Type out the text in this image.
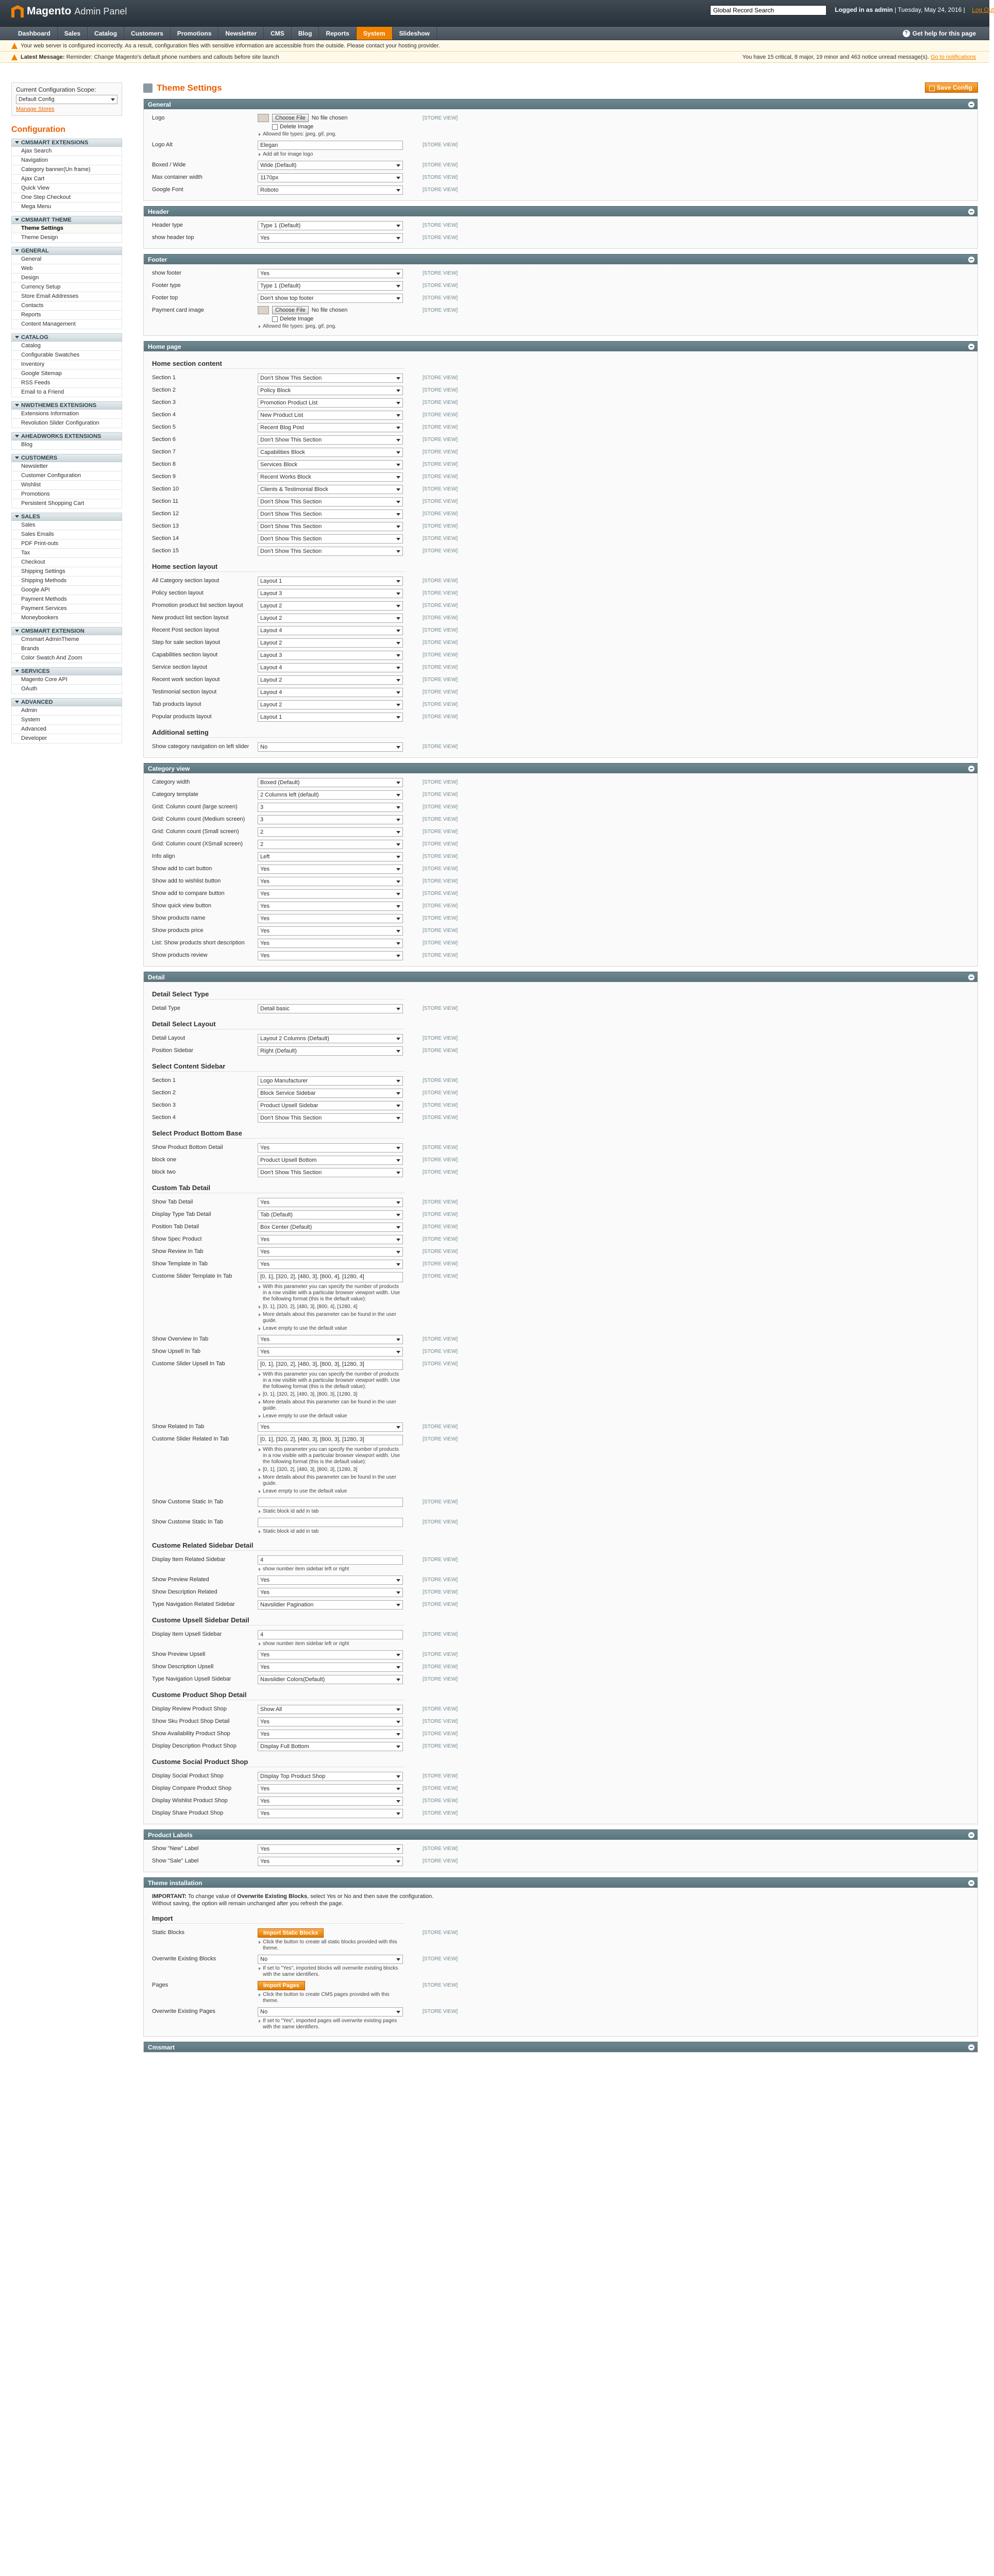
Magento Admin Panel
Global Record Search	Logged in as admin | Tuesday, May 24, 2016 | Log Out
Dashboard	Sales	Catalog	Customers	Promotions	Newsletter	CMS	Blog	Reports	System	Slideshow	? Get help for this page
Your web server is configured incorrectly. As a result, configuration files with sensitive information are accessible from the outside. Please contact your hosting provider.
Latest Message: Reminder: Change Magento's default phone numbers and callouts before site launch	You have 15 critical, 8 major, 19 minor and 463 notice unread message(s). Go to notifications
Current Configuration Scope:
Default Config
Manage Stores
Configuration
CMSMART EXTENSIONS
Ajax Search
Navigation
Category banner(Un frame)
Ajax Cart
Quick View
One Step Checkout
Mega Menu
CMSMART THEME
Theme Settings
Theme Design
GENERAL
General
Web
Design
Currency Setup
Store Email Addresses
Contacts
Reports
Content Management
CATALOG
Catalog
Configurable Swatches
Inventory
Google Sitemap
RSS Feeds
Email to a Friend
NWDTHEMES EXTENSIONS
Extensions Information
Revolution Slider Configuration
AHEADWORKS EXTENSIONS
Blog
CUSTOMERS
Newsletter
Customer Configuration
Wishlist
Promotions
Persistent Shopping Cart
SALES
Sales
Sales Emails
PDF Print-outs
Tax
Checkout
Shipping Settings
Shipping Methods
Google API
Payment Methods
Payment Services
Moneybookers
CMSMART EXTENSION
Cmsmart AdminTheme
Brands
Color Swatch And Zoom
SERVICES
Magento Core API
OAuth
ADVANCED
Admin
System
Advanced
Developer
Theme Settings	Save Config
General
Logo	Choose File	No file chosen
Delete Image
Allowed file types: jpeg, gif, png.
[STORE VIEW]
Logo Alt	Elegan
Add alt for image logo
[STORE VIEW]
Boxed / Wide	Wide (Default)	[STORE VIEW]
Max container width	1170px	[STORE VIEW]
Google Font	Roboto	[STORE VIEW]
Header
Header type	Type 1 (Default)	[STORE VIEW]
show header top	Yes	[STORE VIEW]
Footer
show footer	Yes	[STORE VIEW]
Footer type	Type 1 (Default)	[STORE VIEW]
Footer top	Don't show top footer	[STORE VIEW]
Payment card image	Choose File	No file chosen
Delete Image
Allowed file types: jpeg, gif, png.
[STORE VIEW]
Home page
Home section content
Section 1	Don't Show This Section	[STORE VIEW]
Section 2	Policy Block	[STORE VIEW]
Section 3	Promotion Product List	[STORE VIEW]
Section 4	New Product List	[STORE VIEW]
Section 5	Recent Blog Post	[STORE VIEW]
Section 6	Don't Show This Section	[STORE VIEW]
Section 7	Capabilities Block	[STORE VIEW]
Section 8	Services Block	[STORE VIEW]
Section 9	Recent Works Block	[STORE VIEW]
Section 10	Clients & Testimonial Block	[STORE VIEW]
Section 11	Don't Show This Section	[STORE VIEW]
Section 12	Don't Show This Section	[STORE VIEW]
Section 13	Don't Show This Section	[STORE VIEW]
Section 14	Don't Show This Section	[STORE VIEW]
Section 15	Don't Show This Section	[STORE VIEW]
Home section layout
All Category section layout	Layout 1	[STORE VIEW]
Policy section layout	Layout 3	[STORE VIEW]
Promotion product list section layout	Layout 2	[STORE VIEW]
New product list section layout	Layout 2	[STORE VIEW]
Recent Post section layout	Layout 4	[STORE VIEW]
Step for sale section layout	Layout 2	[STORE VIEW]
Capabilities section layout	Layout 3	[STORE VIEW]
Service section layout	Layout 4	[STORE VIEW]
Recent work section layout	Layout 2	[STORE VIEW]
Testimonial section layout	Layout 4	[STORE VIEW]
Tab products layout	Layout 2	[STORE VIEW]
Popular products layout	Layout 1	[STORE VIEW]
Additional setting
Show category navigation on left slider	No	[STORE VIEW]
Category view
Category width	Boxed (Default)	[STORE VIEW]
Category template	2 Columns left (default)	[STORE VIEW]
Grid: Column count (large screen)	3	[STORE VIEW]
Grid: Column count (Medium screen)	3	[STORE VIEW]
Grid: Column count (Small screen)	2	[STORE VIEW]
Grid: Column count (XSmall screen)	2	[STORE VIEW]
Info align	Left	[STORE VIEW]
Show add to cart button	Yes	[STORE VIEW]
Show add to wishlist button	Yes	[STORE VIEW]
Show add to compare button	Yes	[STORE VIEW]
Show quick view button	Yes	[STORE VIEW]
Show products name	Yes	[STORE VIEW]
Show products price	Yes	[STORE VIEW]
List: Show products short description	Yes	[STORE VIEW]
Show products review	Yes	[STORE VIEW]
Detail
Detail Select Type
Detail Type	Detail basic	[STORE VIEW]
Detail Select Layout
Detail Layout	Layout 2 Columns (Default)	[STORE VIEW]
Position Sidebar	Right (Default)	[STORE VIEW]
Select Content Sidebar
Section 1	Logo Manufacturer	[STORE VIEW]
Section 2	Block Service Sidebar	[STORE VIEW]
Section 3	Product Upsell Sidebar	[STORE VIEW]
Section 4	Don't Show This Section	[STORE VIEW]
Select Product Bottom Base
Show Product Bottom Detail	Yes	[STORE VIEW]
block one	Product Upsell Bottom	[STORE VIEW]
block two	Don't Show This Section	[STORE VIEW]
Custom Tab Detail
Show Tab Detail	Yes	[STORE VIEW]
Display Type Tab Detail	Tab (Default)	[STORE VIEW]
Position Tab Detail	Box Center (Default)	[STORE VIEW]
Show Spec Product	Yes	[STORE VIEW]
Show Review In Tab	Yes	[STORE VIEW]
Show Template In Tab	Yes	[STORE VIEW]
Custome Slider Template In Tab	[0, 1], [320, 2], [480, 3], [800, 4], [1280, 4]
With this parameter you can specify the number of products in a row visible with a particular browser viewport width. Use the following format (this is the default value):
[0, 1], [320, 2], [480, 3], [800, 4], [1280, 4]
More details about this parameter can be found in the user guide.
Leave empty to use the default value
[STORE VIEW]
Show Overview In Tab	Yes	[STORE VIEW]
Show Upsell In Tab	Yes	[STORE VIEW]
Custome Slider Upsell In Tab	[0, 1], [320, 2], [480, 3], [800, 3], [1280, 3]
With this parameter you can specify the number of products in a row visible with a particular browser viewport width. Use the following format (this is the default value):
[0, 1], [320, 2], [480, 3], [800, 3], [1280, 3]
More details about this parameter can be found in the user guide.
Leave empty to use the default value
[STORE VIEW]
Show Related In Tab	Yes	[STORE VIEW]
Custome Slider Related In Tab	[0, 1], [320, 2], [480, 3], [800, 3], [1280, 3]
With this parameter you can specify the number of products in a row visible with a particular browser viewport width. Use the following format (this is the default value):
[0, 1], [320, 2], [480, 3], [800, 3], [1280, 3]
More details about this parameter can be found in the user guide.
Leave empty to use the default value
[STORE VIEW]
Show Custome Static In Tab
Static block id add in tab
[STORE VIEW]
Show Custome Static In Tab
Static block id add in tab
[STORE VIEW]
Custome Related Sidebar Detail
Display Item Related Sidebar	4
show number item sidebar left or right
[STORE VIEW]
Show Preview Related	Yes	[STORE VIEW]
Show Description Related	Yes	[STORE VIEW]
Type Navigation Related Sidebar	Navsildier Pagination	[STORE VIEW]
Custome Upsell Sidebar Detail
Display Item Upsell Sidebar	4
show number item sidebar left or right
[STORE VIEW]
Show Preview Upsell	Yes	[STORE VIEW]
Show Description Upsell	Yes	[STORE VIEW]
Type Navigation Upsell Sidebar	Navsildier Colors(Default)	[STORE VIEW]
Custome Product Shop Detail
Display Review Product Shop	Show All	[STORE VIEW]
Show Sku Product Shop Detail	Yes	[STORE VIEW]
Show Availability Product Shop	Yes	[STORE VIEW]
Display Description Product Shop	Display Full Bottom	[STORE VIEW]
Custome Social Product Shop
Display Social Product Shop	Display Top Product Shop	[STORE VIEW]
Display Compare Product Shop	Yes	[STORE VIEW]
Display Wishlist Product Shop	Yes	[STORE VIEW]
Display Share Product Shop	Yes	[STORE VIEW]
Product Labels
Show "New" Label	Yes	[STORE VIEW]
Show "Sale" Label	Yes	[STORE VIEW]
Theme installation
IMPORTANT: To change value of Overwrite Existing Blocks, select Yes or No and then save the configuration.
Without saving, the option will remain unchanged after you refresh the page.
Import
Static Blocks	Import Static Blocks
Click the button to create all static blocks provided with this theme.
[STORE VIEW]
Overwrite Existing Blocks	No
If set to "Yes", imported blocks will overwrite existing blocks with the same identifiers.
[STORE VIEW]
Pages	Import Pages
Click the button to create CMS pages provided with this theme.
[STORE VIEW]
Overwrite Existing Pages	No
If set to "Yes", imported pages will overwrite existing pages with the same identifiers.
[STORE VIEW]
Cmsmart
